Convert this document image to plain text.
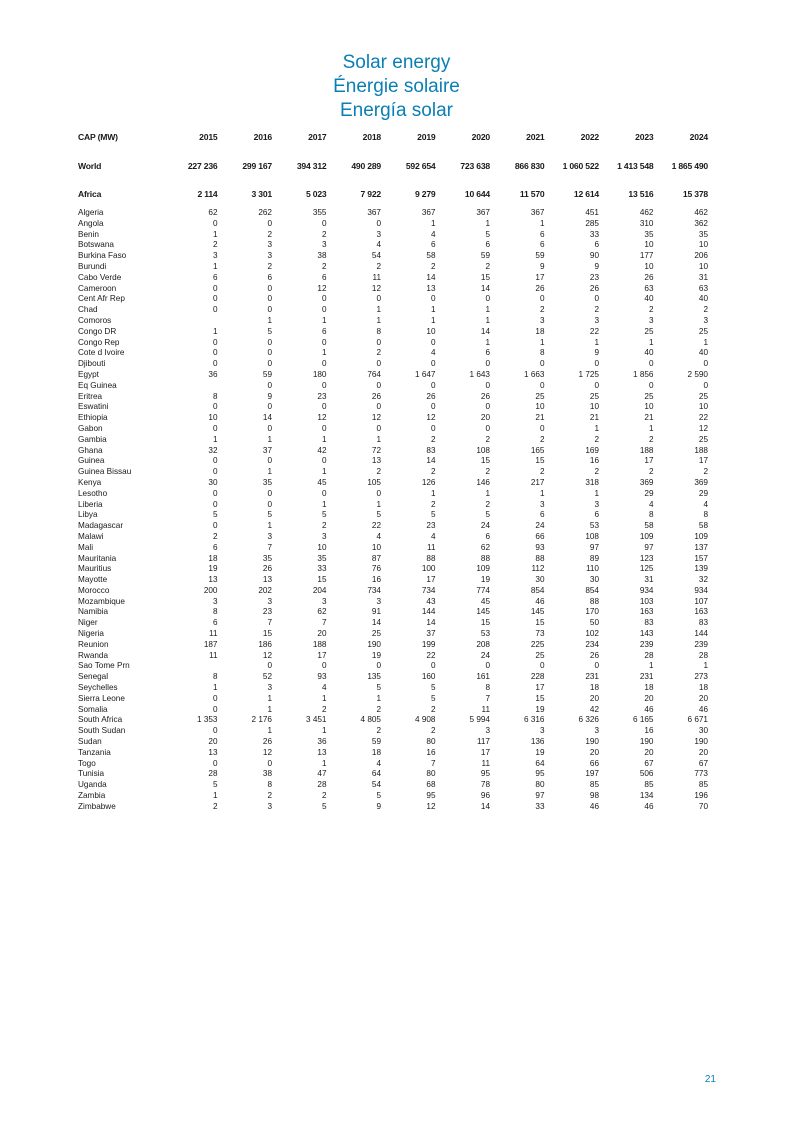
Solar energy
Énergie solaire
Energía solar
CAP (MW)	2015	2016	2017	2018	2019	2020	2021	2022	2023	2024

World	227 236	299 167	394 312	490 289	592 654	723 638	866 830	1 060 522	1 413 548	1 865 490

Africa	2 114	3 301	5 023	7 922	9 279	10 644	11 570	12 614	13 516	15 378

Algeria	62	262	355	367	367	367	367	451	462	462
Angola	0	0	0	0	1	1	1	285	310	362
Benin	1	2	2	3	4	5	6	33	35	35
Botswana	2	3	3	4	6	6	6	6	10	10
Burkina Faso	3	3	38	54	58	59	59	90	177	206
Burundi	1	2	2	2	2	2	9	9	10	10
Cabo Verde	6	6	6	11	14	15	17	23	26	31
Cameroon	0	0	12	12	13	14	26	26	63	63
Cent Afr Rep	0	0	0	0	0	0	0	0	40	40
Chad	0	0	0	1	1	1	2	2	2	2
Comoros		1	1	1	1	1	3	3	3	3
Congo DR	1	5	6	8	10	14	18	22	25	25
Congo Rep	0	0	0	0	0	1	1	1	1	1
Cote d Ivoire	0	0	1	2	4	6	8	9	40	40
Djibouti	0	0	0	0	0	0	0	0	0	0
Egypt	36	59	180	764	1 647	1 643	1 663	1 725	1 856	2 590
Eq Guinea		0	0	0	0	0	0	0	0	0
Eritrea	8	9	23	26	26	26	25	25	25	25
Eswatini	0	0	0	0	0	0	10	10	10	10
Ethiopia	10	14	12	12	12	20	21	21	21	22
Gabon	0	0	0	0	0	0	0	1	1	12
Gambia	1	1	1	1	2	2	2	2	2	25
Ghana	32	37	42	72	83	108	165	169	188	188
Guinea	0	0	0	13	14	15	15	16	17	17
Guinea Bissau	0	1	1	2	2	2	2	2	2	2
Kenya	30	35	45	105	126	146	217	318	369	369
Lesotho	0	0	0	0	1	1	1	1	29	29
Liberia	0	0	1	1	2	2	3	3	4	4
Libya	5	5	5	5	5	5	6	6	8	8
Madagascar	0	1	2	22	23	24	24	53	58	58
Malawi	2	3	3	4	4	6	66	108	109	109
Mali	6	7	10	10	11	62	93	97	97	137
Mauritania	18	35	35	87	88	88	88	89	123	157
Mauritius	19	26	33	76	100	109	112	110	125	139
Mayotte	13	13	15	16	17	19	30	30	31	32
Morocco	200	202	204	734	734	774	854	854	934	934
Mozambique	3	3	3	3	43	45	46	88	103	107
Namibia	8	23	62	91	144	145	145	170	163	163
Niger	6	7	7	14	14	15	15	50	83	83
Nigeria	11	15	20	25	37	53	73	102	143	144
Reunion	187	186	188	190	199	208	225	234	239	239
Rwanda	11	12	17	19	22	24	25	26	28	28
Sao Tome Prn		0	0	0	0	0	0	0	1	1
Senegal	8	52	93	135	160	161	228	231	231	273
Seychelles	1	3	4	5	5	8	17	18	18	18
Sierra Leone	0	1	1	1	5	7	15	20	20	20
Somalia	0	1	2	2	2	11	19	42	46	46
South Africa	1 353	2 176	3 451	4 805	4 908	5 994	6 316	6 326	6 165	6 671
South Sudan	0	1	1	2	2	3	3	3	16	30
Sudan	20	26	36	59	80	117	136	190	190	190
Tanzania	13	12	13	18	16	17	19	20	20	20
Togo	0	0	1	4	7	11	64	66	67	67
Tunisia	28	38	47	64	80	95	95	197	506	773
Uganda	5	8	28	54	68	78	80	85	85	85
Zambia	1	2	2	5	95	96	97	98	134	196
Zimbabwe	2	3	5	9	12	14	33	46	46	70
21
